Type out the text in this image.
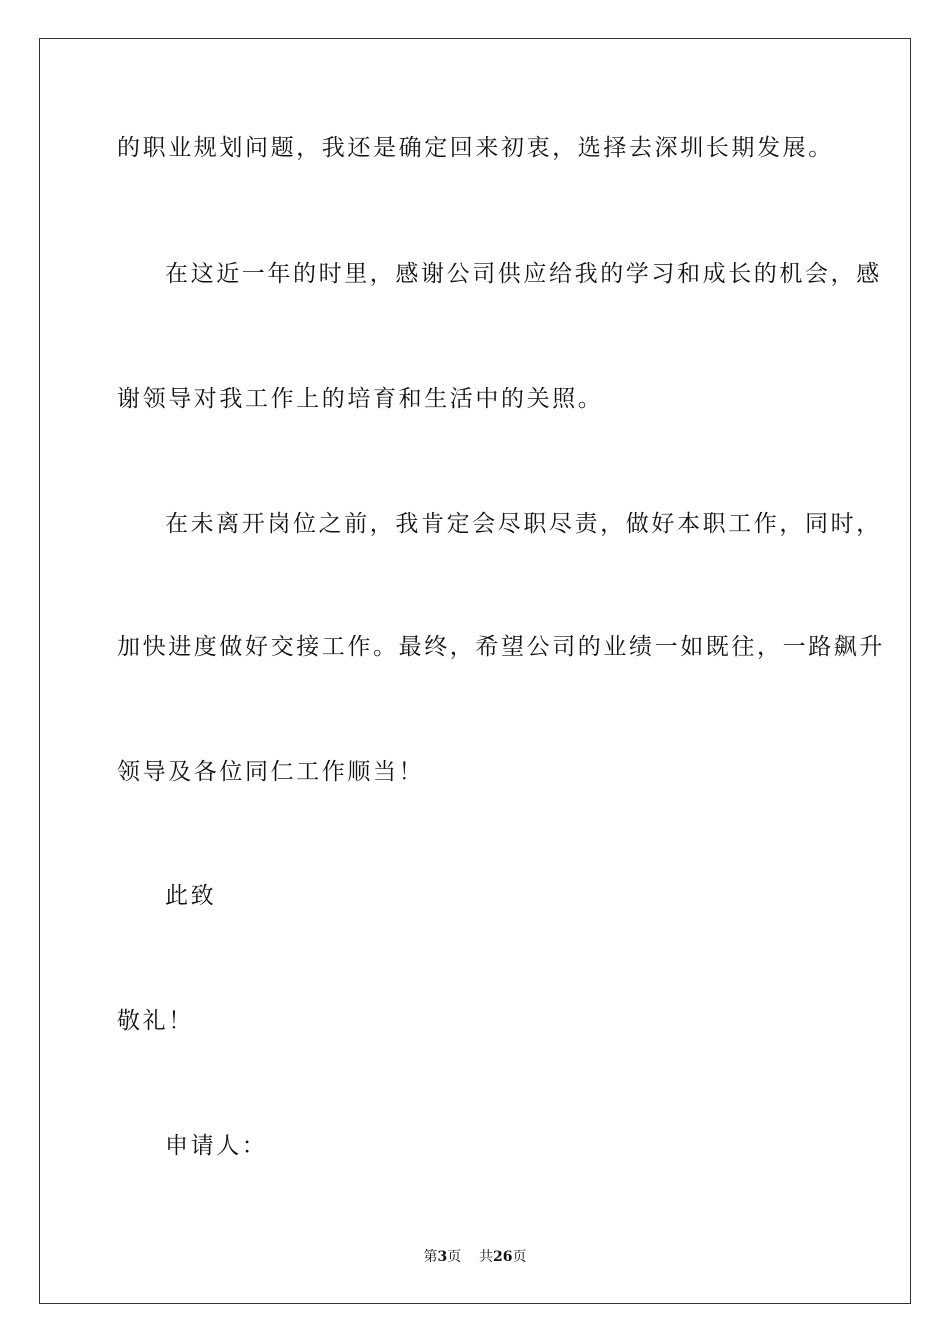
的职业规划问题，我还是确定回来初衷，选择去深圳长期发展。
在这近一年的时里，感谢公司供应给我的学习和成长的机会，感
谢领导对我工作上的培育和生活中的关照。
在未离开岗位之前，我肯定会尽职尽责，做好本职工作，同时，
加快进度做好交接工作。最终，希望公司的业绩一如既往，一路飙升
领导及各位同仁工作顺当！
此致
敬礼！
申请人：
第3页 共26页
